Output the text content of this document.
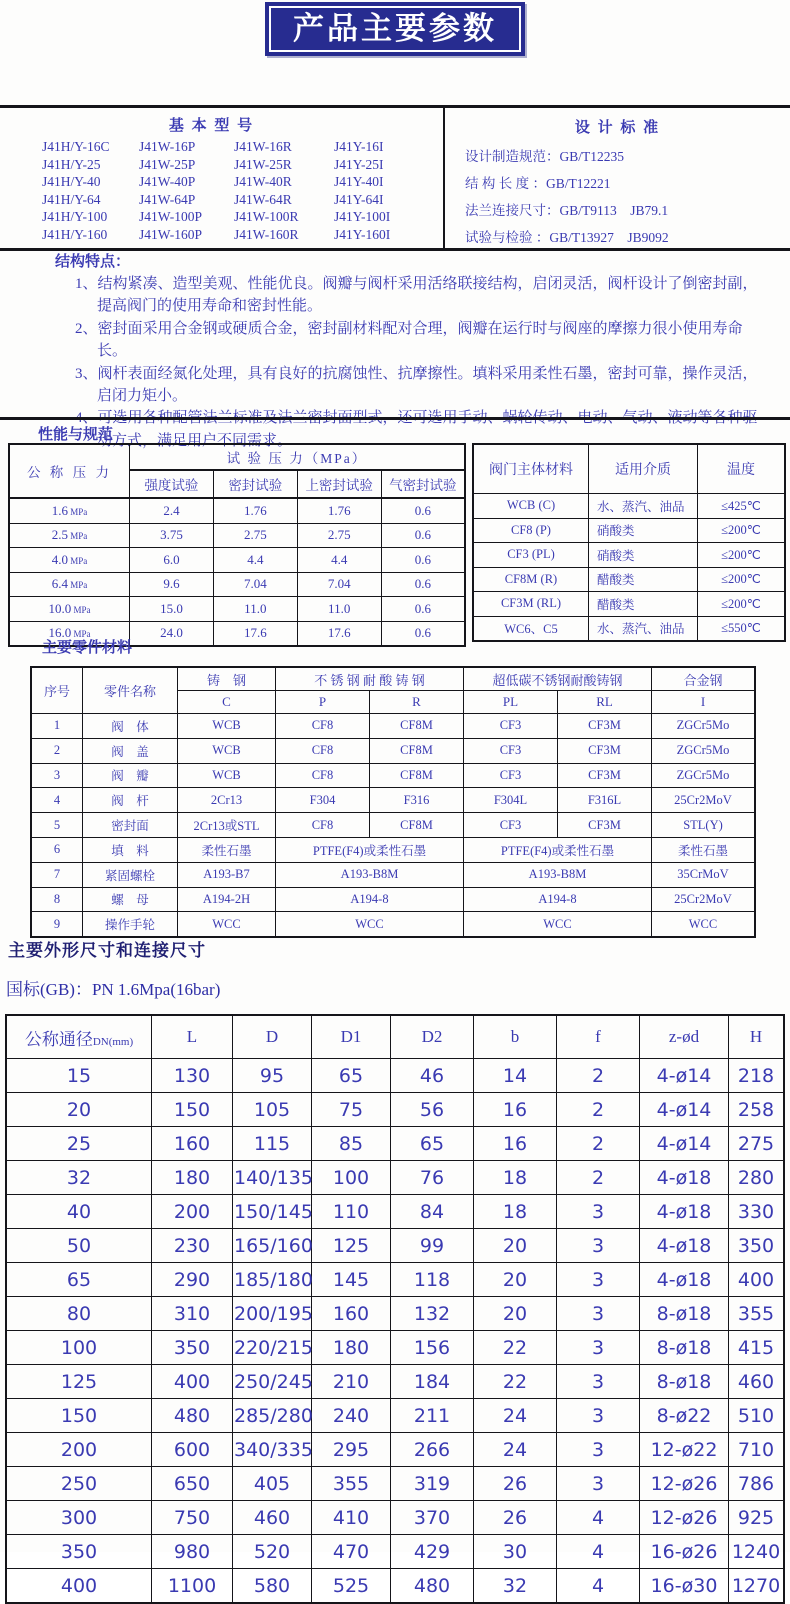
产品主要参数
基 本 型 号
J41H/Y-16C	J41W-16P	J41W-16R	J41Y-16I
J41H/Y-25	J41W-25P	J41W-25R	J41Y-25I
J41H/Y-40	J41W-40P	J41W-40R	J41Y-40I
J41H/Y-64	J41W-64P	J41W-64R	J41Y-64I
J41H/Y-100	J41W-100P	J41W-100R	J41Y-100I
J41H/Y-160	J41W-160P	J41W-160R	J41Y-160I
设 计 标 准
设计制造规范：GB/T12235
结 构 长 度 ：GB/T12221
法兰连接尺寸：GB/T9113　JB79.1
试验与检验 ：GB/T13927　JB9092
结构特点：
1、结构紧凑、造型美观、性能优良。阀瓣与阀杆采用活络联接结构，启闭灵活，阀杆设计了倒密封副，提高阀门的使用寿命和密封性能。
2、密封面采用合金钢或硬质合金，密封副材料配对合理，阀瓣在运行时与阀座的摩擦力很小使用寿命长。
3、阀杆表面经氮化处理，具有良好的抗腐蚀性、抗摩擦性。填料采用柔性石墨，密封可靠，操作灵活，启闭力矩小。
4、可选用各种配管法兰标准及法兰密封面型式，还可选用手动、蜗轮传动、电动、气动、液动等各种驱动方式，满足用户不同需求。
性能与规范
公 称 压 力	试 验 压 力（MPa）			
	强度试验	密封试验	上密封试验	气密封试验
1.6 MPa	2.4	1.76	1.76	0.6
2.5 MPa	3.75	2.75	2.75	0.6
4.0 MPa	6.0	4.4	4.4	0.6
6.4 MPa	9.6	7.04	7.04	0.6
10.0 MPa	15.0	11.0	11.0	0.6
16.0 MPa	24.0	17.6	17.6	0.6
阀门主体材料	适用介质	温度
WCB (C)	水、蒸汽、油品	≤425℃
CF8 (P)	硝酸类	≤200℃
CF3 (PL)	硝酸类	≤200℃
CF8M (R)	醋酸类	≤200℃
CF3M (RL)	醋酸类	≤200℃
WC6、C5	水、蒸汽、油品	≤550℃
主要零件材料
序号	零件名称	铸　钢	不 锈 钢 耐 酸 铸 钢		超低碳不锈钢耐酸铸钢		合金钢
		C	P	R	PL	RL	I
1	阀　体	WCB	CF8	CF8M	CF3	CF3M	ZGCr5Mo
2	阀　盖	WCB	CF8	CF8M	CF3	CF3M	ZGCr5Mo
3	阀　瓣	WCB	CF8	CF8M	CF3	CF3M	ZGCr5Mo
4	阀　杆	2Cr13	F304	F316	F304L	F316L	25Cr2MoV
5	密封面	2Cr13或STL	CF8	CF8M	CF3	CF3M	STL(Y)
6	填　料	柔性石墨	PTFE(F4)或柔性石墨		PTFE(F4)或柔性石墨		柔性石墨
7	紧固螺栓	A193-B7	A193-B8M		A193-B8M		35CrMoV
8	螺　母	A194-2H	A194-8		A194-8		25Cr2MoV
9	操作手轮	WCC	WCC		WCC		WCC
主要外形尺寸和连接尺寸
国标(GB)：PN 1.6Mpa(16bar)
公称通径DN(mm)	L	D	D1	D2	b	f	z-ød	H
15	130	95	65	46	14	2	4-ø14	218
20	150	105	75	56	16	2	4-ø14	258
25	160	115	85	65	16	2	4-ø14	275
32	180	140/135	100	76	18	2	4-ø18	280
40	200	150/145	110	84	18	3	4-ø18	330
50	230	165/160	125	99	20	3	4-ø18	350
65	290	185/180	145	118	20	3	4-ø18	400
80	310	200/195	160	132	20	3	8-ø18	355
100	350	220/215	180	156	22	3	8-ø18	415
125	400	250/245	210	184	22	3	8-ø18	460
150	480	285/280	240	211	24	3	8-ø22	510
200	600	340/335	295	266	24	3	12-ø22	710
250	650	405	355	319	26	3	12-ø26	786
300	750	460	410	370	26	4	12-ø26	925
350	980	520	470	429	30	4	16-ø26	1240
400	1100	580	525	480	32	4	16-ø30	1270
